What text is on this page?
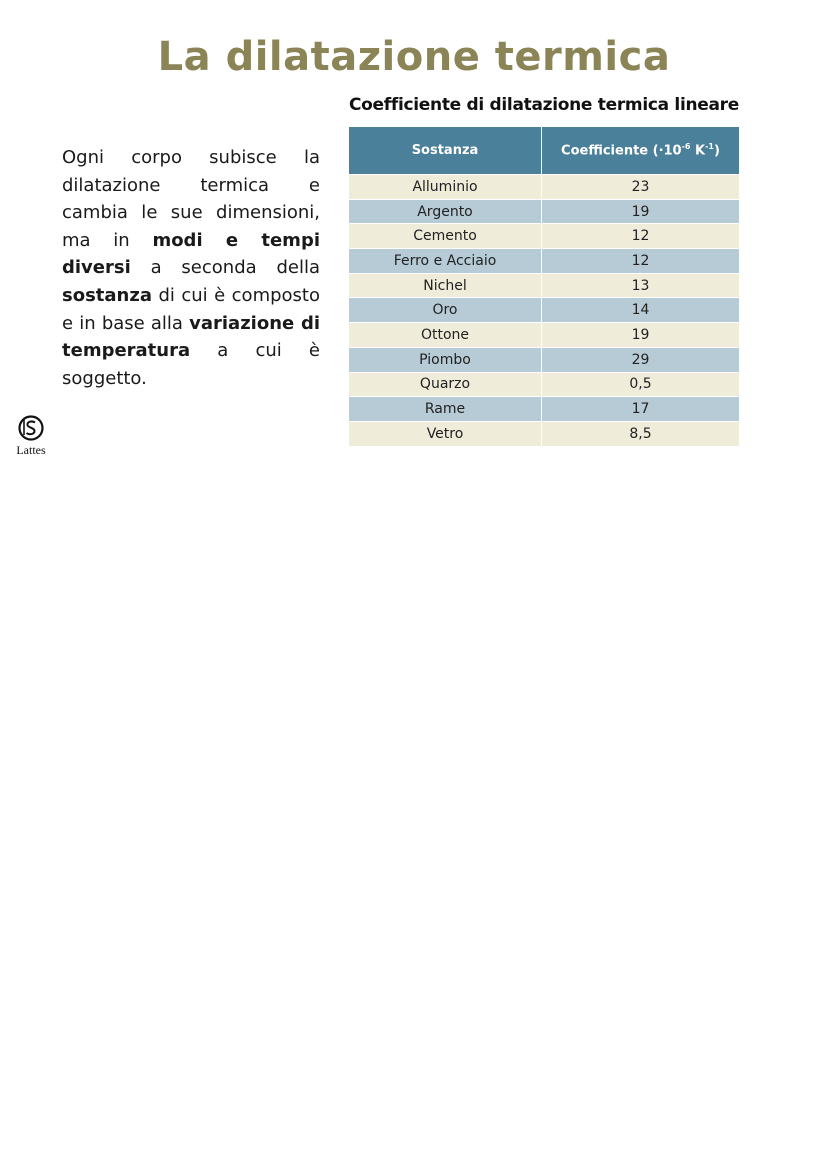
La dilatazione termica
Ogni corpo subisce la dilatazione termica e cambia le sue dimensioni, ma in modi e tempi diversi a seconda della sostanza di cui è composto e in base alla variazione di temperatura a cui è soggetto.
Lattes
Coefficiente di dilatazione termica lineare
Sostanza	Coefficiente ($\cdot 10^{-6}$ $K^{-1}$)
Alluminio	23
Argento	19
Cemento	12
Ferro e Acciaio	12
Nichel	13
Oro	14
Ottone	19
Piombo	29
Quarzo	0,5
Rame	17
Vetro	8,5
